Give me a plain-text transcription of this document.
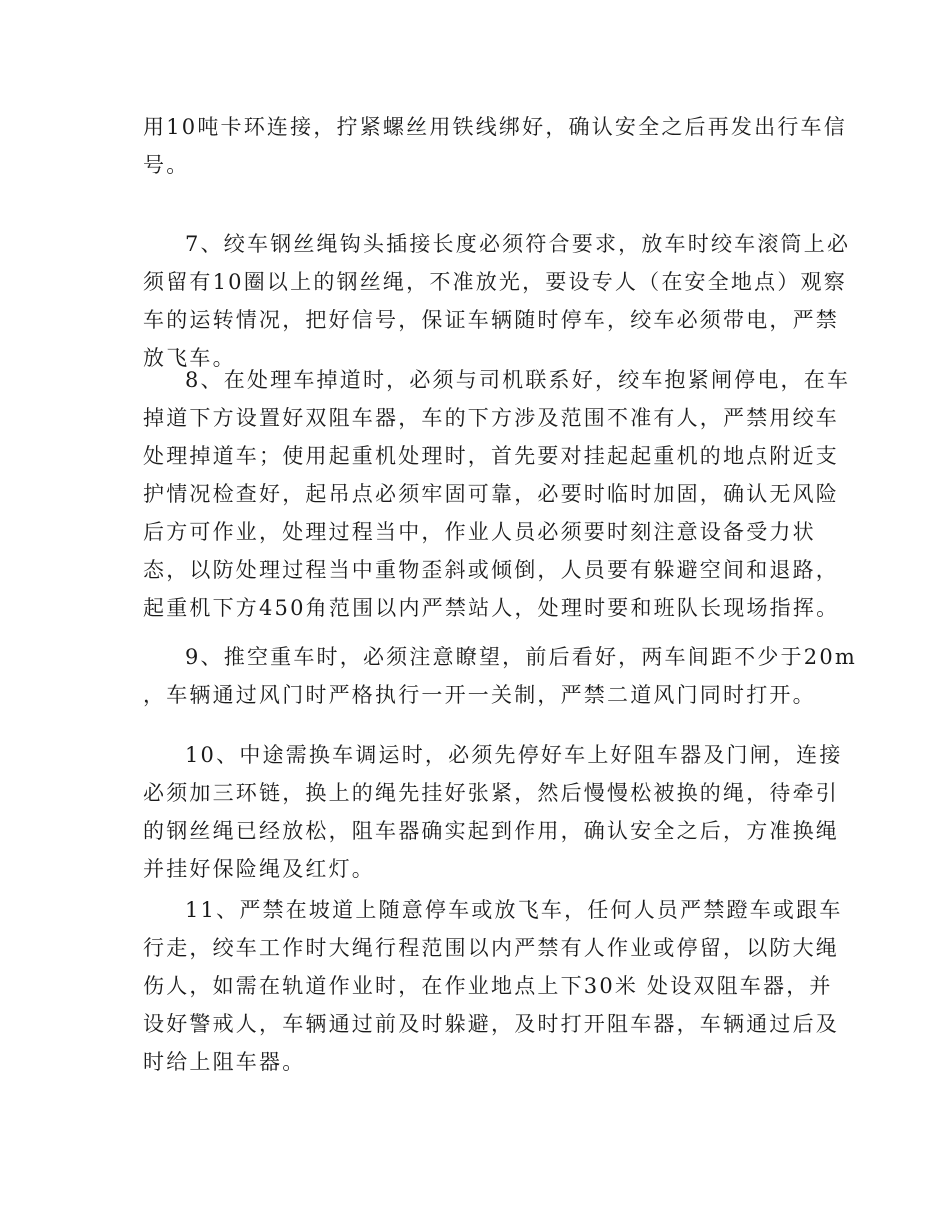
用10吨卡环连接，拧紧螺丝用铁线绑好，确认安全之后再发出行车信
号。
7、绞车钢丝绳钩头插接长度必须符合要求，放车时绞车滚筒上必
须留有10圈以上的钢丝绳，不准放光，要设专人（在安全地点）观察
车的运转情况，把好信号，保证车辆随时停车，绞车必须带电，严禁
放飞车。
8、在处理车掉道时，必须与司机联系好，绞车抱紧闸停电，在车
掉道下方设置好双阻车器，车的下方涉及范围不准有人，严禁用绞车
处理掉道车；使用起重机处理时，首先要对挂起起重机的地点附近支
护情况检查好，起吊点必须牢固可靠，必要时临时加固，确认无风险
后方可作业，处理过程当中，作业人员必须要时刻注意设备受力状
态，以防处理过程当中重物歪斜或倾倒，人员要有躲避空间和退路，
起重机下方450角范围以内严禁站人，处理时要和班队长现场指挥。
9、推空重车时，必须注意瞭望，前后看好，两车间距不少于20m
，车辆通过风门时严格执行一开一关制，严禁二道风门同时打开。
10、中途需换车调运时，必须先停好车上好阻车器及门闸，连接
必须加三环链，换上的绳先挂好张紧，然后慢慢松被换的绳，待牵引
的钢丝绳已经放松，阻车器确实起到作用，确认安全之后，方准换绳
并挂好保险绳及红灯。
11、严禁在坡道上随意停车或放飞车，任何人员严禁蹬车或跟车
行走，绞车工作时大绳行程范围以内严禁有人作业或停留，以防大绳
伤人，如需在轨道作业时，在作业地点上下30米 处设双阻车器，并
设好警戒人，车辆通过前及时躲避，及时打开阻车器，车辆通过后及
时给上阻车器。
